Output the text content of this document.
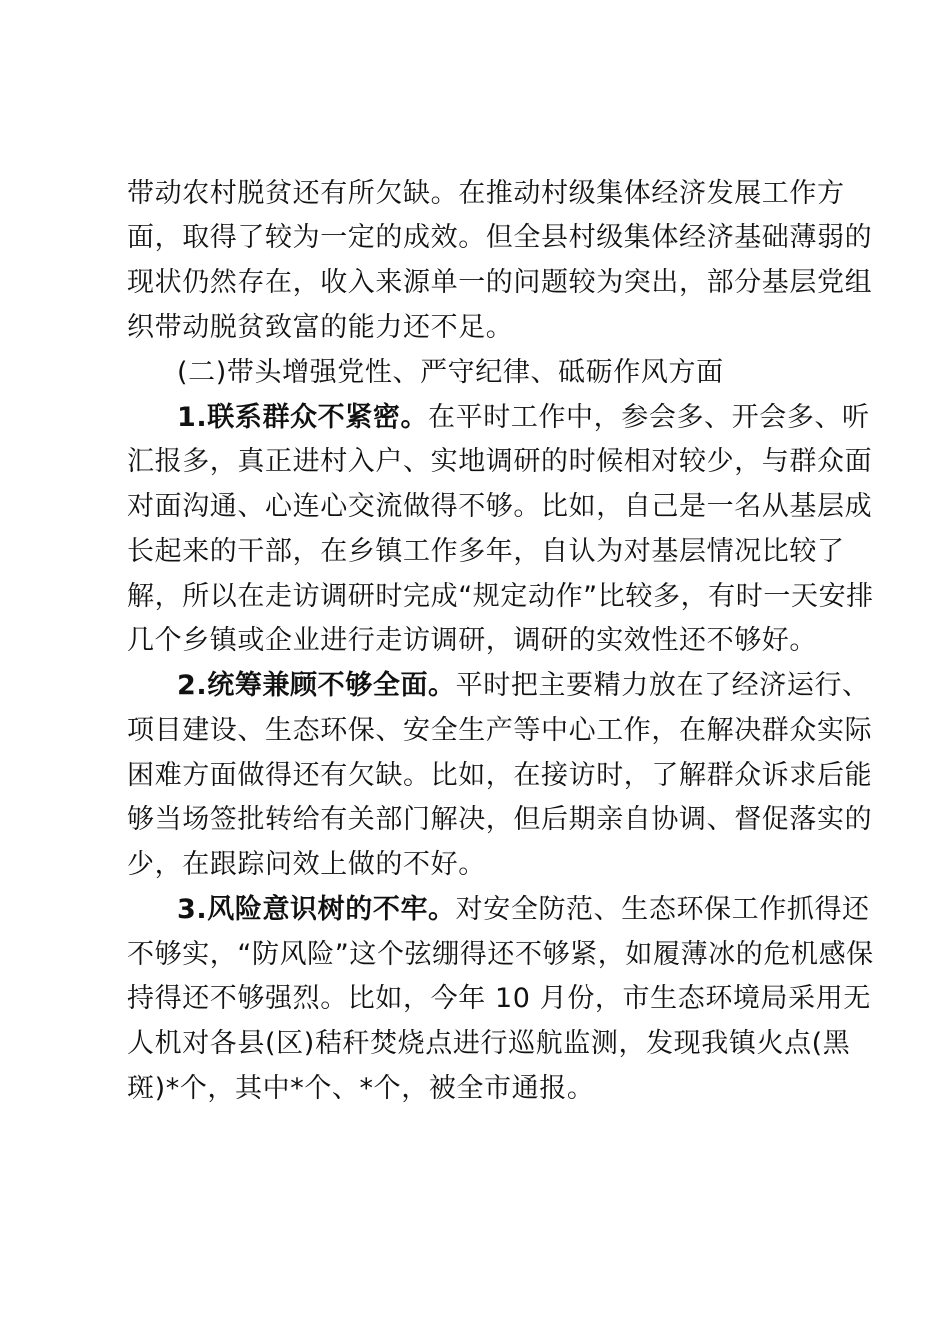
带动农村脱贫还有所欠缺。在推动村级集体经济发展工作方
面，取得了较为一定的成效。但全县村级集体经济基础薄弱的
现状仍然存在，收入来源单一的问题较为突出，部分基层党组
织带动脱贫致富的能力还不足。
(二)带头增强党性、严守纪律、砥砺作风方面
1.联系群众不紧密。在平时工作中，参会多、开会多、听
汇报多，真正进村入户、实地调研的时候相对较少，与群众面
对面沟通、心连心交流做得不够。比如，自己是一名从基层成
长起来的干部，在乡镇工作多年，自认为对基层情况比较了
解，所以在走访调研时完成“规定动作”比较多，有时一天安排
几个乡镇或企业进行走访调研，调研的实效性还不够好。
2.统筹兼顾不够全面。平时把主要精力放在了经济运行、
项目建设、生态环保、安全生产等中心工作，在解决群众实际
困难方面做得还有欠缺。比如，在接访时，了解群众诉求后能
够当场签批转给有关部门解决，但后期亲自协调、督促落实的
少，在跟踪问效上做的不好。
3.风险意识树的不牢。对安全防范、生态环保工作抓得还
不够实，“防风险”这个弦绷得还不够紧，如履薄冰的危机感保
持得还不够强烈。比如，今年 10 月份，市生态环境局采用无
人机对各县(区)秸秆焚烧点进行巡航监测，发现我镇火点(黑
斑)*个，其中*个、*个，被全市通报。
